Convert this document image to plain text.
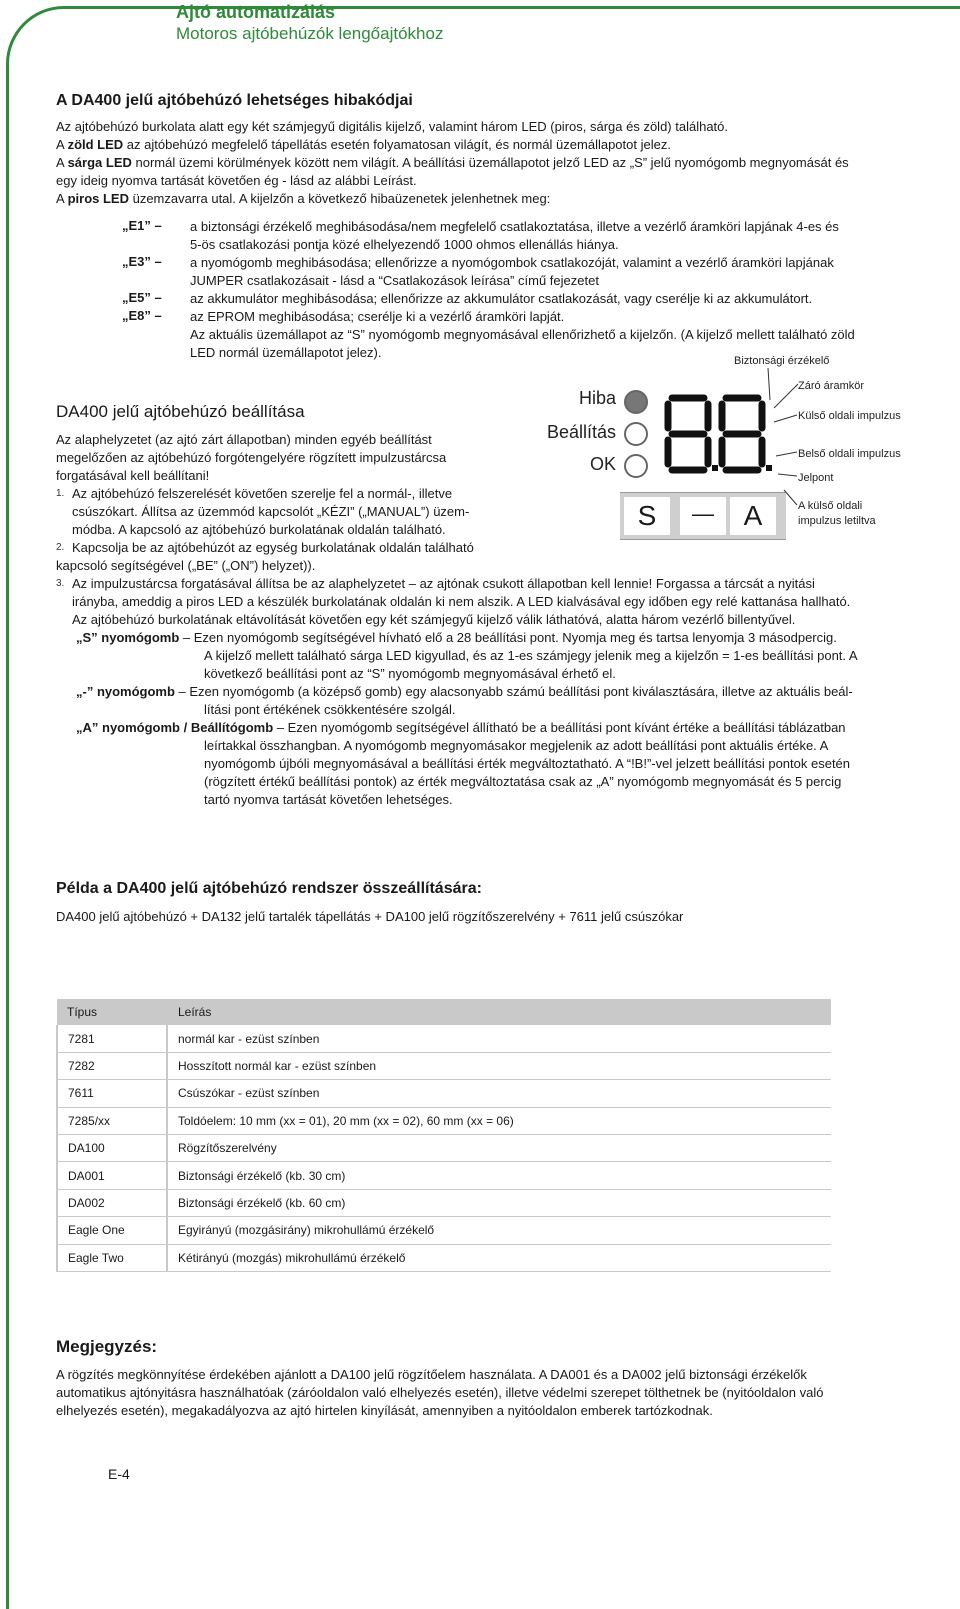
Ajtó automatizálás
Motoros ajtóbehúzók lengőajtókhoz
A DA400 jelű ajtóbehúzó lehetséges hibakódjai
Az ajtóbehúzó burkolata alatt egy két számjegyű digitális kijelző, valamint három LED (piros, sárga és zöld) található.
A zöld LED az ajtóbehúzó megfelelő tápellátás esetén folyamatosan világít, és normál üzemállapotot jelez.
A sárga LED normál üzemi körülmények között nem világít. A beállítási üzemállapotot jelző LED az „S” jelű nyomógomb megnyomását és
egy ideig nyomva tartását követően ég - lásd az alábbi Leírást.
A piros LED üzemzavarra utal. A kijelzőn a következő hibaüzenetek jelenhetnek meg:
„E1” – a biztonsági érzékelő meghibásodása/nem megfelelő csatlakoztatása, illetve a vezérlő áramköri lapjának 4-es és
5-ös csatlakozási pontja közé elhelyezendő 1000 ohmos ellenállás hiánya.
„E3” – a nyomógomb meghibásodása; ellenőrizze a nyomógombok csatlakozóját, valamint a vezérlő áramköri lapjának
JUMPER csatlakozásait - lásd a “Csatlakozások leírása” című fejezetet
„E5” – az akkumulátor meghibásodása; ellenőrizze az akkumulátor csatlakozását, vagy cserélje ki az akkumulátort.
„E8” – az EPROM meghibásodása; cserélje ki a vezérlő áramköri lapját.
Az aktuális üzemállapot az “S” nyomógomb megnyomásával ellenőrizhető a kijelzőn. (A kijelző mellett található zöld
LED normál üzemállapotot jelez).
Hiba
Beállítás
OK
S	—	A
Biztonsági érzékelő
Záró áramkör
Külső oldali impulzus
Belső oldali impulzus
Jelpont
A külső oldali
impulzus letiltva
DA400 jelű ajtóbehúzó beállítása
Az alaphelyzetet (az ajtó zárt állapotban) minden egyéb beállítást
megelőzően az ajtóbehúzó forgótengelyére rögzített impulzustárcsa
forgatásával kell beállítani!
1. Az ajtóbehúzó felszerelését követően szerelje fel a normál-, illetve
csúszókart. Állítsa az üzemmód kapcsolót „KÉZI” („MANUAL”) üzem-
módba. A kapcsoló az ajtóbehúzó burkolatának oldalán található.
2. Kapcsolja be az ajtóbehúzót az egység burkolatának oldalán található
kapcsoló segítségével („BE” („ON”) helyzet)).
3. Az impulzustárcsa forgatásával állítsa be az alaphelyzetet – az ajtónak csukott állapotban kell lennie! Forgassa a tárcsát a nyitási
irányba, ameddig a piros LED a készülék burkolatának oldalán ki nem alszik. A LED kialvásával egy időben egy relé kattanása hallható.
Az ajtóbehúzó burkolatának eltávolítását követően egy két számjegyű kijelző válik láthatóvá, alatta három vezérlő billentyűvel.
„S” nyomógomb – Ezen nyomógomb segítségével hívható elő a 28 beállítási pont. Nyomja meg és tartsa lenyomja 3 másodpercig.
A kijelző mellett található sárga LED kigyullad, és az 1-es számjegy jelenik meg a kijelzőn = 1-es beállítási pont. A
következő beállítási pont az “S” nyomógomb megnyomásával érhető el.
„-” nyomógomb – Ezen nyomógomb (a középső gomb) egy alacsonyabb számú beállítási pont kiválasztására, illetve az aktuális beál-
lítási pont értékének csökkentésére szolgál.
„A” nyomógomb / Beállítógomb – Ezen nyomógomb segítségével állítható be a beállítási pont kívánt értéke a beállítási táblázatban
leírtakkal összhangban. A nyomógomb megnyomásakor megjelenik az adott beállítási pont aktuális értéke. A
nyomógomb újbóli megnyomásával a beállítási érték megváltoztatható. A “!B!”-vel jelzett beállítási pontok esetén
(rögzített értékű beállítási pontok) az érték megváltoztatása csak az „A” nyomógomb megnyomását és 5 percig
tartó nyomva tartását követően lehetséges.
Példa a DA400 jelű ajtóbehúzó rendszer összeállítására:
DA400 jelű ajtóbehúzó + DA132 jelű tartalék tápellátás + DA100 jelű rögzítőszerelvény + 7611 jelű csúszókar
Típus	Leírás
7281	normál kar - ezüst színben
7282	Hosszított normál kar - ezüst színben
7611	Csúszókar - ezüst színben
7285/xx	Toldóelem: 10 mm (xx = 01), 20 mm (xx = 02), 60 mm (xx = 06)
DA100	Rögzítőszerelvény
DA001	Biztonsági érzékelő (kb. 30 cm)
DA002	Biztonsági érzékelő (kb. 60 cm)
Eagle One	Egyirányú (mozgásirány) mikrohullámú érzékelő
Eagle Two	Kétirányú (mozgás) mikrohullámú érzékelő
Megjegyzés:
A rögzítés megkönnyítése érdekében ajánlott a DA100 jelű rögzítőelem használata. A DA001 és a DA002 jelű biztonsági érzékelők
automatikus ajtónyitásra használhatóak (záróoldalon való elhelyezés esetén), illetve védelmi szerepet tölthetnek be (nyitóoldalon való
elhelyezés esetén), megakadályozva az ajtó hirtelen kinyílását, amennyiben a nyitóoldalon emberek tartózkodnak.
E-4
